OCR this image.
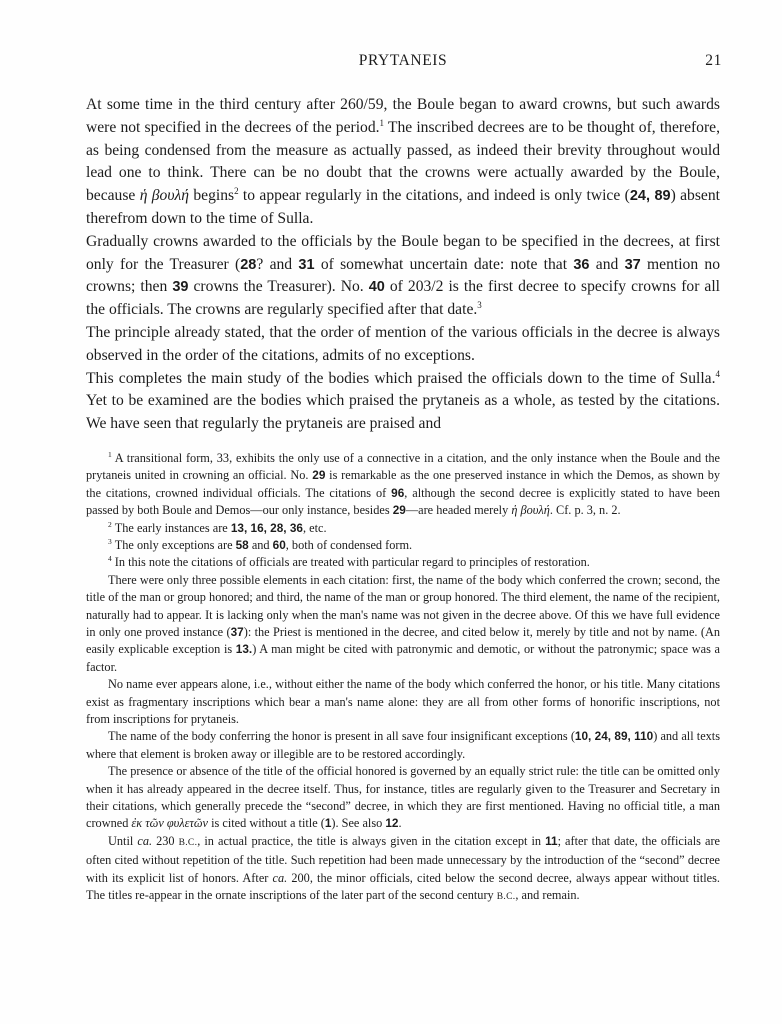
PRYTANEIS	21

At some time in the third century after 260/59, the Boule began to award crowns, but such awards were not specified in the decrees of the period.$^1$ The inscribed decrees are to be thought of, therefore, as being condensed from the measure as actually passed, as indeed their brevity throughout would lead one to think. There can be no doubt that the crowns were actually awarded by the Boule, because ἡ βουλή begins$^2$ to appear regularly in the citations, and indeed is only twice (24, 89) absent therefrom down to the time of Sulla.

Gradually crowns awarded to the officials by the Boule began to be specified in the decrees, at first only for the Treasurer (28? and 31 of somewhat uncertain date: note that 36 and 37 mention no crowns; then 39 crowns the Treasurer). No. 40 of 203/2 is the first decree to specify crowns for all the officials. The crowns are regularly specified after that date.$^3$

The principle already stated, that the order of mention of the various officials in the decree is always observed in the order of the citations, admits of no exceptions.

This completes the main study of the bodies which praised the officials down to the time of Sulla.$^4$ Yet to be examined are the bodies which praised the prytaneis as a whole, as tested by the citations. We have seen that regularly the prytaneis are praised and

$^1$ A transitional form, 33, exhibits the only use of a connective in a citation, and the only instance when the Boule and the prytaneis united in crowning an official. No. 29 is remarkable as the one preserved instance in which the Demos, as shown by the citations, crowned individual officials. The citations of 96, although the second decree is explicitly stated to have been passed by both Boule and Demos—our only instance, besides 29—are headed merely ἡ βουλή. Cf. p. 3, n. 2.

$^2$ The early instances are 13, 16, 28, 36, etc.

$^3$ The only exceptions are 58 and 60, both of condensed form.

$^4$ In this note the citations of officials are treated with particular regard to principles of restoration.

There were only three possible elements in each citation: first, the name of the body which conferred the crown; second, the title of the man or group honored; and third, the name of the man or group honored. The third element, the name of the recipient, naturally had to appear. It is lacking only when the man's name was not given in the decree above. Of this we have full evidence in only one proved instance (37): the Priest is mentioned in the decree, and cited below it, merely by title and not by name. (An easily explicable exception is 13.) A man might be cited with patronymic and demotic, or without the patronymic; space was a factor.

No name ever appears alone, i.e., without either the name of the body which conferred the honor, or his title. Many citations exist as fragmentary inscriptions which bear a man's name alone: they are all from other forms of honorific inscriptions, not from inscriptions for prytaneis.

The name of the body conferring the honor is present in all save four insignificant exceptions (10, 24, 89, 110) and all texts where that element is broken away or illegible are to be restored accordingly.

The presence or absence of the title of the official honored is governed by an equally strict rule: the title can be omitted only when it has already appeared in the decree itself. Thus, for instance, titles are regularly given to the Treasurer and Secretary in their citations, which generally precede the “second” decree, in which they are first mentioned. Having no official title, a man crowned ἐκ τῶν φυλετῶν is cited without a title (1). See also 12.

Until ca. 230 B.C., in actual practice, the title is always given in the citation except in 11; after that date, the officials are often cited without repetition of the title. Such repetition had been made unnecessary by the introduction of the “second” decree with its explicit list of honors. After ca. 200, the minor officials, cited below the second decree, always appear without titles. The titles re-appear in the ornate inscriptions of the later part of the second century B.C., and remain.
